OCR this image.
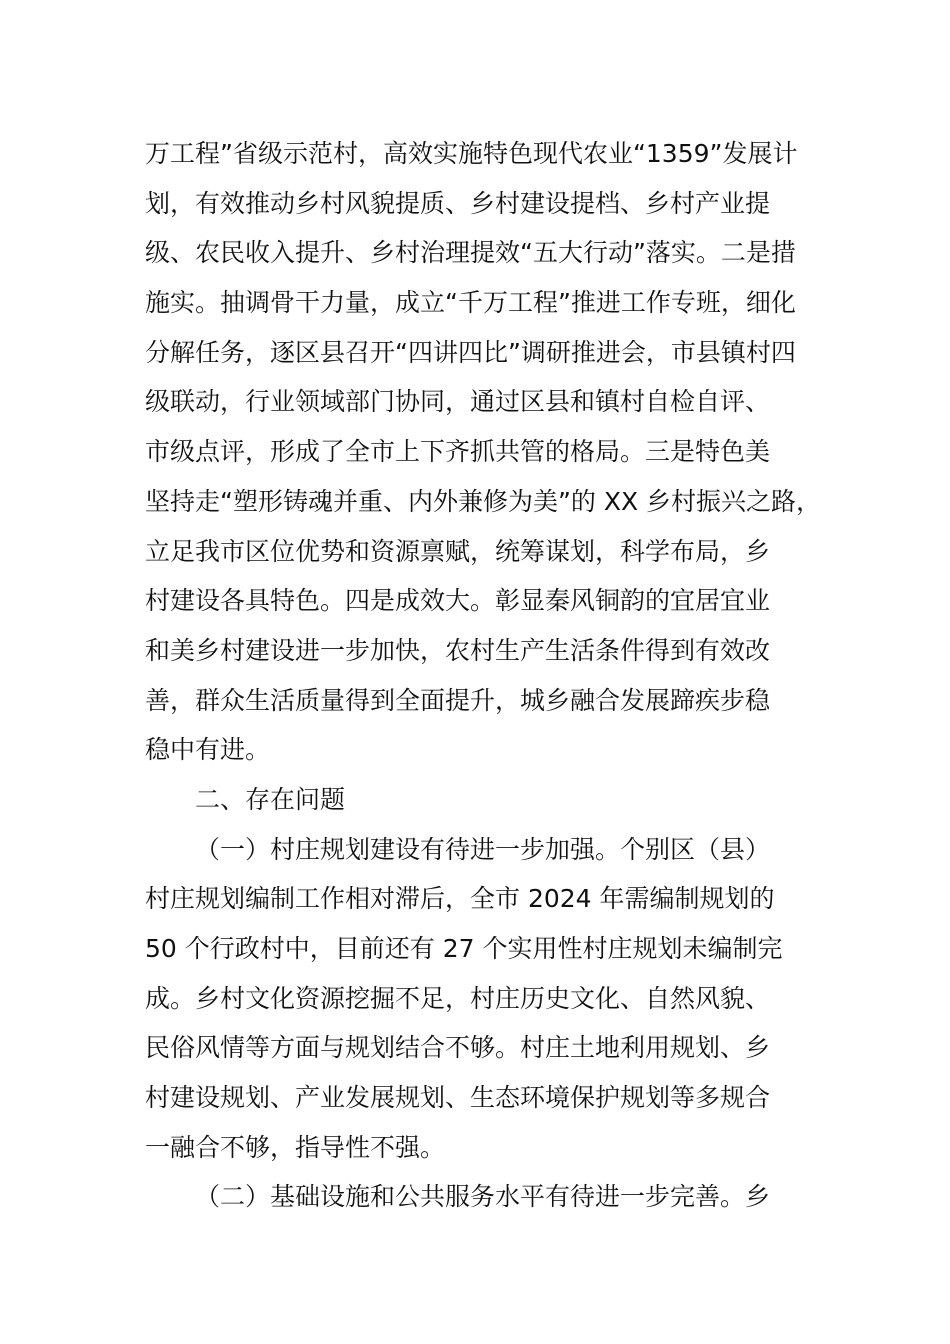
万工程”省级示范村，高效实施特色现代农业“1359”发展计
划，有效推动乡村风貌提质、乡村建设提档、乡村产业提
级、农民收入提升、乡村治理提效“五大行动”落实。二是措
施实。抽调骨干力量，成立“千万工程”推进工作专班，细化
分解任务，逐区县召开“四讲四比”调研推进会，市县镇村四
级联动，行业领域部门协同，通过区县和镇村自检自评、
市级点评，形成了全市上下齐抓共管的格局。三是特色美
坚持走“塑形铸魂并重、内外兼修为美”的 XX 乡村振兴之路，
立足我市区位优势和资源禀赋，统筹谋划，科学布局，乡
村建设各具特色。四是成效大。彰显秦风铜韵的宜居宜业
和美乡村建设进一步加快，农村生产生活条件得到有效改
善，群众生活质量得到全面提升，城乡融合发展蹄疾步稳
稳中有进。
二、存在问题
（一）村庄规划建设有待进一步加强。个别区（县）
村庄规划编制工作相对滞后，全市 2024 年需编制规划的
50 个行政村中，目前还有 27 个实用性村庄规划未编制完
成。乡村文化资源挖掘不足，村庄历史文化、自然风貌、
民俗风情等方面与规划结合不够。村庄土地利用规划、乡
村建设规划、产业发展规划、生态环境保护规划等多规合
一融合不够，指导性不强。
（二）基础设施和公共服务水平有待进一步完善。乡
